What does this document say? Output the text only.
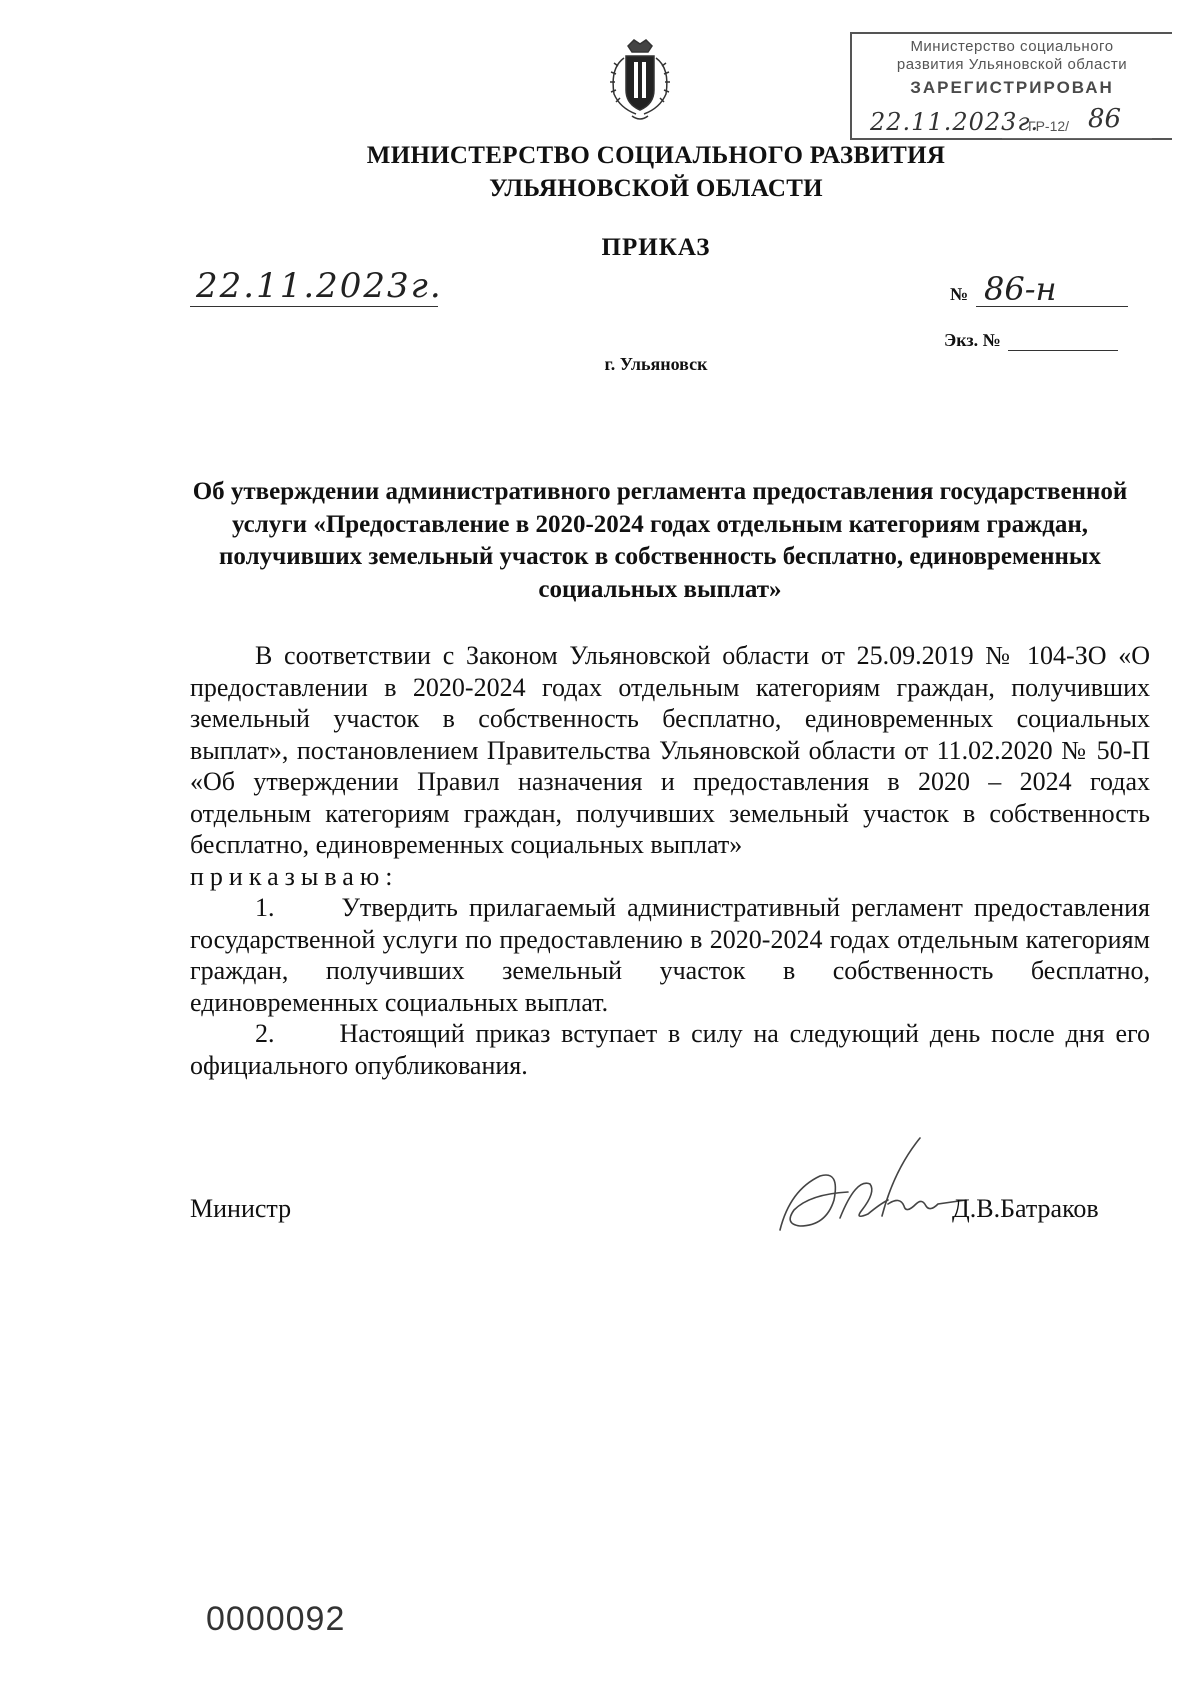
Министерство социального
развития Ульяновской области
ЗАРЕГИСТРИРОВАН
22.11.2023г.
ГР-12/ 86
МИНИСТЕРСТВО СОЦИАЛЬНОГО РАЗВИТИЯ
УЛЬЯНОВСКОЙ ОБЛАСТИ
ПРИКАЗ
22.11.2023г.	№ 86-н
Экз. №
г. Ульяновск
Об утверждении административного регламента предоставления государственной услуги «Предоставление в 2020-2024 годах отдельным категориям граждан, получивших земельный участок в собственность бесплатно, единовременных социальных выплат»

В соответствии с Законом Ульяновской области от 25.09.2019 № 104-ЗО «О предоставлении в 2020-2024 годах отдельным категориям граждан, получивших земельный участок в собственность бесплатно, единовременных социальных выплат», постановлением Правительства Ульяновской области от 11.02.2020 № 50-П «Об утверждении Правил назначения и предоставления в 2020 – 2024 годах отдельным категориям граждан, получивших земельный участок в собственность бесплатно, единовременных социальных выплат»

приказываю:

1.	Утвердить прилагаемый административный регламент предоставления государственной услуги по предоставлению в 2020-2024 годах отдельным категориям граждан, получивших земельный участок в собственность бесплатно, единовременных социальных выплат.

2. Настоящий приказ вступает в силу на следующий день после дня его официального опубликования.

Министр	Д.В.Батраков
0000092
